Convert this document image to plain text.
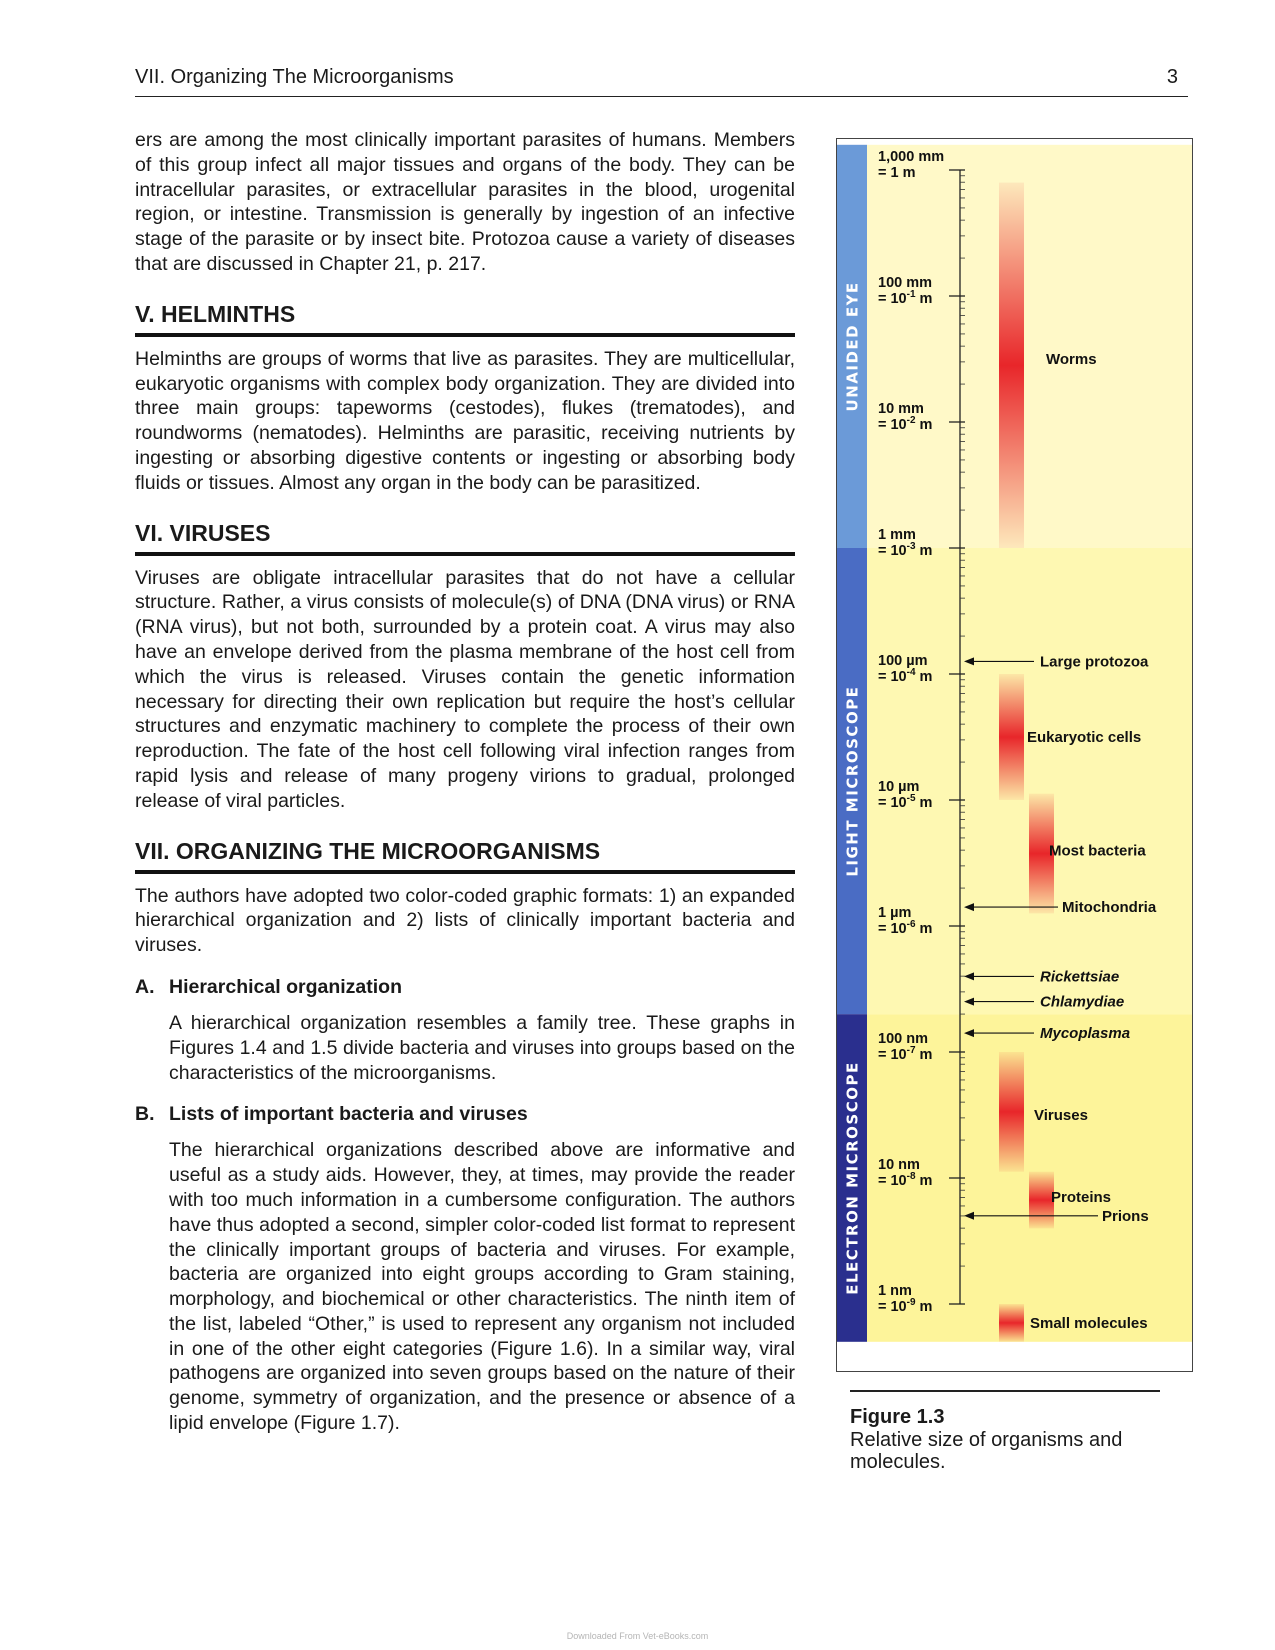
VII. Organizing The Microorganisms	3

ers are among the most clinically important parasites of humans. Members of this group infect all major tissues and organs of the body. They can be intracellular parasites, or extracellular parasites in the blood, urogenital region, or intestine. Transmission is generally by ingestion of an infective stage of the parasite or by insect bite. Protozoa cause a variety of diseases that are discussed in Chapter 21, p. 217.

V. HELMINTHS

Helminths are groups of worms that live as parasites. They are multicellular, eukaryotic organisms with complex body organization. They are divided into three main groups: tapeworms (cestodes), flukes (trematodes), and roundworms (nematodes). Helminths are parasitic, receiving nutrients by ingesting or absorbing digestive contents or ingesting or absorbing body fluids or tissues. Almost any organ in the body can be parasitized.

VI. VIRUSES

Viruses are obligate intracellular parasites that do not have a cellular structure. Rather, a virus consists of molecule(s) of DNA (DNA virus) or RNA (RNA virus), but not both, surrounded by a protein coat. A virus may also have an envelope derived from the plasma membrane of the host cell from which the virus is released. Viruses contain the genetic information necessary for directing their own replication but require the host’s cellular structures and enzymatic machinery to complete the process of their own reproduction. The fate of the host cell following viral infection ranges from rapid lysis and release of many progeny virions to gradual, prolonged release of viral particles.

VII. ORGANIZING THE MICROORGANISMS

The authors have adopted two color-coded graphic formats: 1) an expanded hierarchical organization and 2) lists of clinically important bacteria and viruses.

A. Hierarchical organization

A hierarchical organization resembles a family tree. These graphs in Figures 1.4 and 1.5 divide bacteria and viruses into groups based on the characteristics of the microorganisms.

B. Lists of important bacteria and viruses

The hierarchical organizations described above are informative and useful as a study aids. However, they, at times, may provide the reader with too much information in a cumbersome configuration. The authors have thus adopted a second, simpler color-coded list format to represent the clinically important groups of bacteria and viruses. For example, bacteria are organized into eight groups according to Gram staining, morphology, and biochemical or other characteristics. The ninth item of the list, labeled “Other,” is used to represent any organism not included in one of the other eight categories (Figure 1.6). In a similar way, viral pathogens are organized into seven groups based on the nature of their genome, symmetry of organization, and the presence or absence of a lipid envelope (Figure 1.7).

UNAIDED EYE
LIGHT MICROSCOPE
ELECTRON MICROSCOPE
1,000 mm
= 1 m
100 mm
= $10^{-1}$ m
10 mm
= $10^{-2}$ m
1 mm
= $10^{-3}$ m
100 µm
= $10^{-4}$ m
10 µm
= $10^{-5}$ m
1 µm
= $10^{-6}$ m
100 nm
= $10^{-7}$ m
10 nm
= $10^{-8}$ m
1 nm
= $10^{-9}$ m
Worms
Eukaryotic cells
Most bacteria
Viruses
Proteins
Small molecules
Large protozoa
Mitochondria
Rickettsiae
Chlamydiae
Mycoplasma
Prions
Figure 1.3
Relative size of organisms and molecules.
Downloaded From Vet-eBooks.com
